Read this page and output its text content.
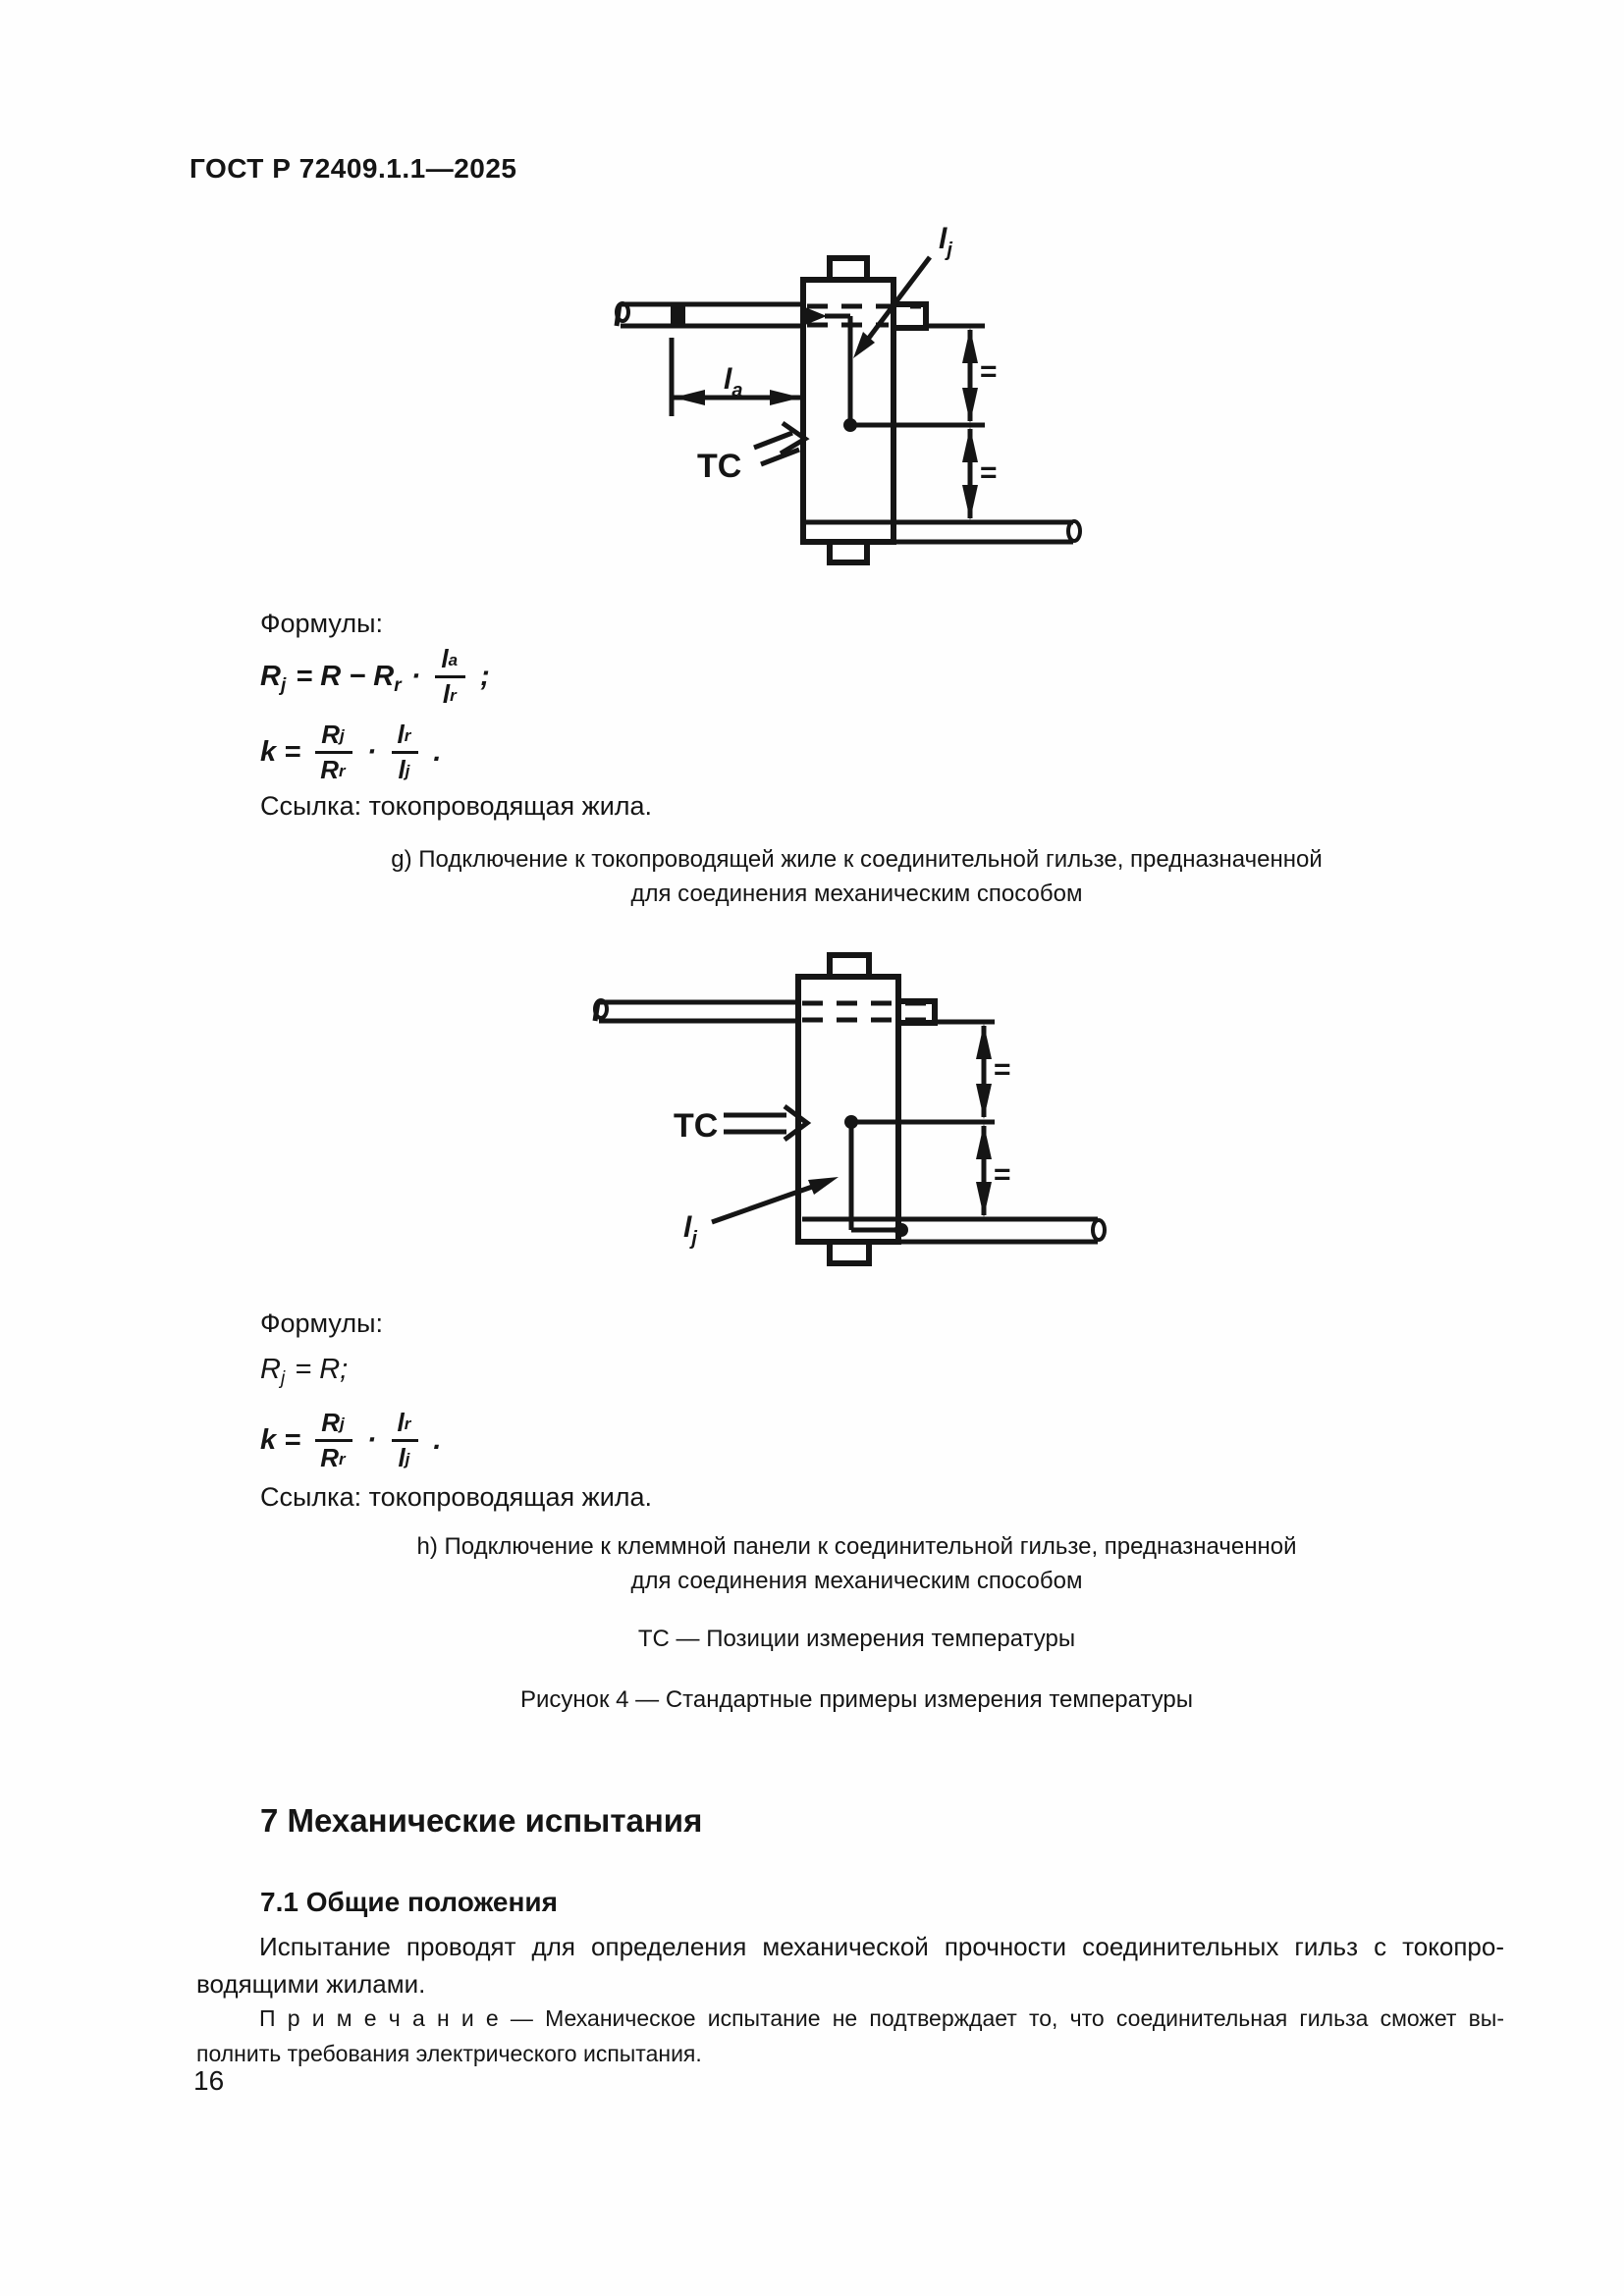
ГОСТ Р 72409.1.1—2025
=
=
$l_a$
$l_j$
TC
Формулы:
R j = R − R $r \cdot \frac{\text{l a}}{\text{l r}}$ ;
$k = \frac{\text{R j}}{\text{R r}} \cdot \frac{\text{l r}}{\text{l j}}$ .
Ссылка: токопроводящая жила.
g) Подключение к токопроводящей жиле к соединительной гильзе, предназначенной
для соединения механическим способом
=
=
TC
$l_j$
Формулы:
R j = R;
$k = \frac{\text{R j}}{\text{R r}} \cdot \frac{\text{l r}}{\text{l j}}$ .
Ссылка: токопроводящая жила.
h) Подключение к клеммной панели к соединительной гильзе, предназначенной
для соединения механическим способом
ТС — Позиции измерения температуры
Рисунок 4 — Стандартные примеры измерения температуры
7 Механические испытания
7.1 Общие положения
Испытание проводят для определения механической прочности соединительных гильз с токопро-
водящими жилами.
П р и м е ч а н и е — Механическое испытание не подтверждает то, что соединительная гильза сможет вы-
полнить требования электрического испытания.
16
